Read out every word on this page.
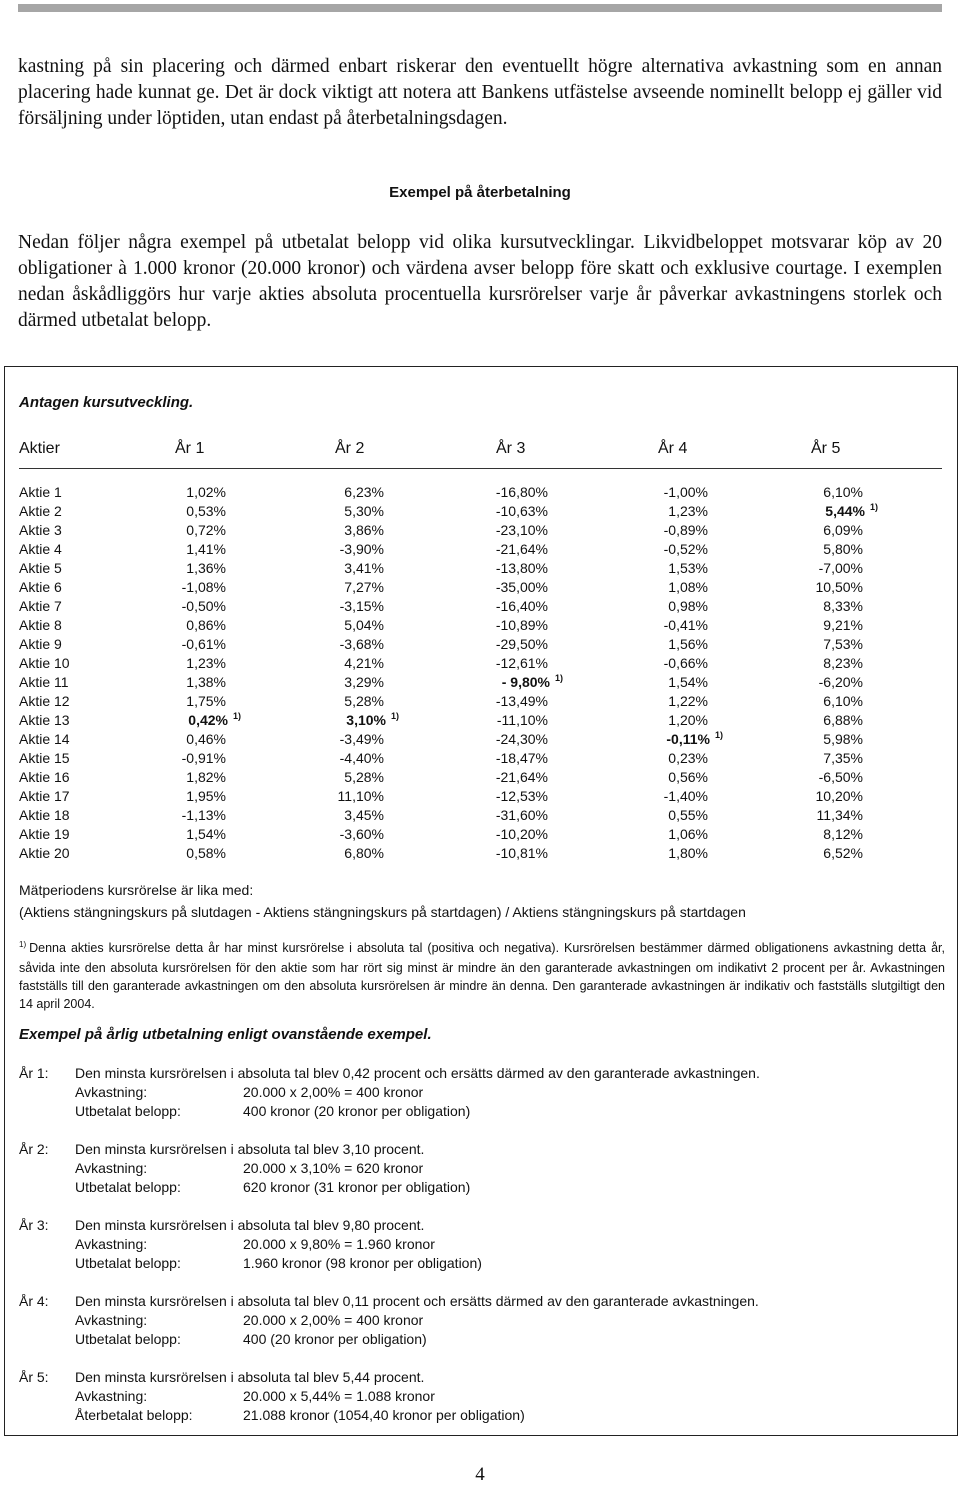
kastning på sin placering och därmed enbart riskerar den eventuellt högre alternativa avkastning som en annan placering hade kunnat ge. Det är dock viktigt att notera att Bankens utfästelse avseende nominellt belopp ej gäller vid försäljning under löptiden, utan endast på återbetalningsdagen.
Exempel på återbetalning
Nedan följer några exempel på utbetalat belopp vid olika kursutvecklingar. Likvidbeloppet motsvarar köp av 20 obligationer à 1.000 kronor (20.000 kronor) och värdena avser belopp före skatt och exklusive courtage. I exemplen nedan åskådliggörs hur varje akties absoluta procentuella kursrörelser varje år påverkar avkastningens storlek och därmed utbetalat belopp.
Antagen kursutveckling.
Aktier	År 1	År 2	År 3	År 4	År 5
Aktie 1	1,02%	6,23%	-16,80%	-1,00%	6,10%
Aktie 2	0,53%	5,30%	-10,63%	1,23%	5,44% $^{1)}$
Aktie 3	0,72%	3,86%	-23,10%	-0,89%	6,09%
Aktie 4	1,41%	-3,90%	-21,64%	-0,52%	5,80%
Aktie 5	1,36%	3,41%	-13,80%	1,53%	-7,00%
Aktie 6	-1,08%	7,27%	-35,00%	1,08%	10,50%
Aktie 7	-0,50%	-3,15%	-16,40%	0,98%	8,33%
Aktie 8	0,86%	5,04%	-10,89%	-0,41%	9,21%
Aktie 9	-0,61%	-3,68%	-29,50%	1,56%	7,53%
Aktie 10	1,23%	4,21%	-12,61%	-0,66%	8,23%
Aktie 11	1,38%	3,29%	- 9,80% $^{1)}$	1,54%	-6,20%
Aktie 12	1,75%	5,28%	-13,49%	1,22%	6,10%
Aktie 13	0,42% $^{1)}$	3,10% $^{1)}$	-11,10%	1,20%	6,88%
Aktie 14	0,46%	-3,49%	-24,30%	-0,11% $^{1)}$	5,98%
Aktie 15	-0,91%	-4,40%	-18,47%	0,23%	7,35%
Aktie 16	1,82%	5,28%	-21,64%	0,56%	-6,50%
Aktie 17	1,95%	11,10%	-12,53%	-1,40%	10,20%
Aktie 18	-1,13%	3,45%	-31,60%	0,55%	11,34%
Aktie 19	1,54%	-3,60%	-10,20%	1,06%	8,12%
Aktie 20	0,58%	6,80%	-10,81%	1,80%	6,52%
Mätperiodens kursrörelse är lika med:
(Aktiens stängningskurs på slutdagen - Aktiens stängningskurs på startdagen) / Aktiens stängningskurs på startdagen
$^{1)}$ Denna akties kursrörelse detta år har minst kursrörelse i absoluta tal (positiva och negativa). Kursrörelsen bestämmer därmed obligationens avkastning detta år, såvida inte den absoluta kursrörelsen för den aktie som har rört sig minst är mindre än den garanterade avkastningen om indikativt 2 procent per år. Avkastningen fastställs till den garanterade avkastningen om den absoluta kursrörelsen är mindre än denna. Den garanterade avkastningen är indikativ och fastställs slutgiltigt den 14 april 2004.
Exempel på årlig utbetalning enligt ovanstående exempel.
År 1: Den minsta kursrörelsen i absoluta tal blev 0,42 procent och ersätts därmed av den garanterade avkastningen.
Avkastning:	20.000 x 2,00% = 400 kronor
Utbetalat belopp:	400 kronor (20 kronor per obligation)
År 2: Den minsta kursrörelsen i absoluta tal blev 3,10 procent.
Avkastning:	20.000 x 3,10% = 620 kronor
Utbetalat belopp:	620 kronor (31 kronor per obligation)
År 3: Den minsta kursrörelsen i absoluta tal blev 9,80 procent.
Avkastning:	20.000 x 9,80% = 1.960 kronor
Utbetalat belopp:	1.960 kronor (98 kronor per obligation)
År 4: Den minsta kursrörelsen i absoluta tal blev 0,11 procent och ersätts därmed av den garanterade avkastningen.
Avkastning:	20.000 x 2,00% = 400 kronor
Utbetalat belopp:	400 (20 kronor per obligation)
År 5: Den minsta kursrörelsen i absoluta tal blev 5,44 procent.
Avkastning:	20.000 x 5,44% = 1.088 kronor
Återbetalat belopp:	21.088 kronor (1054,40 kronor per obligation)
4
